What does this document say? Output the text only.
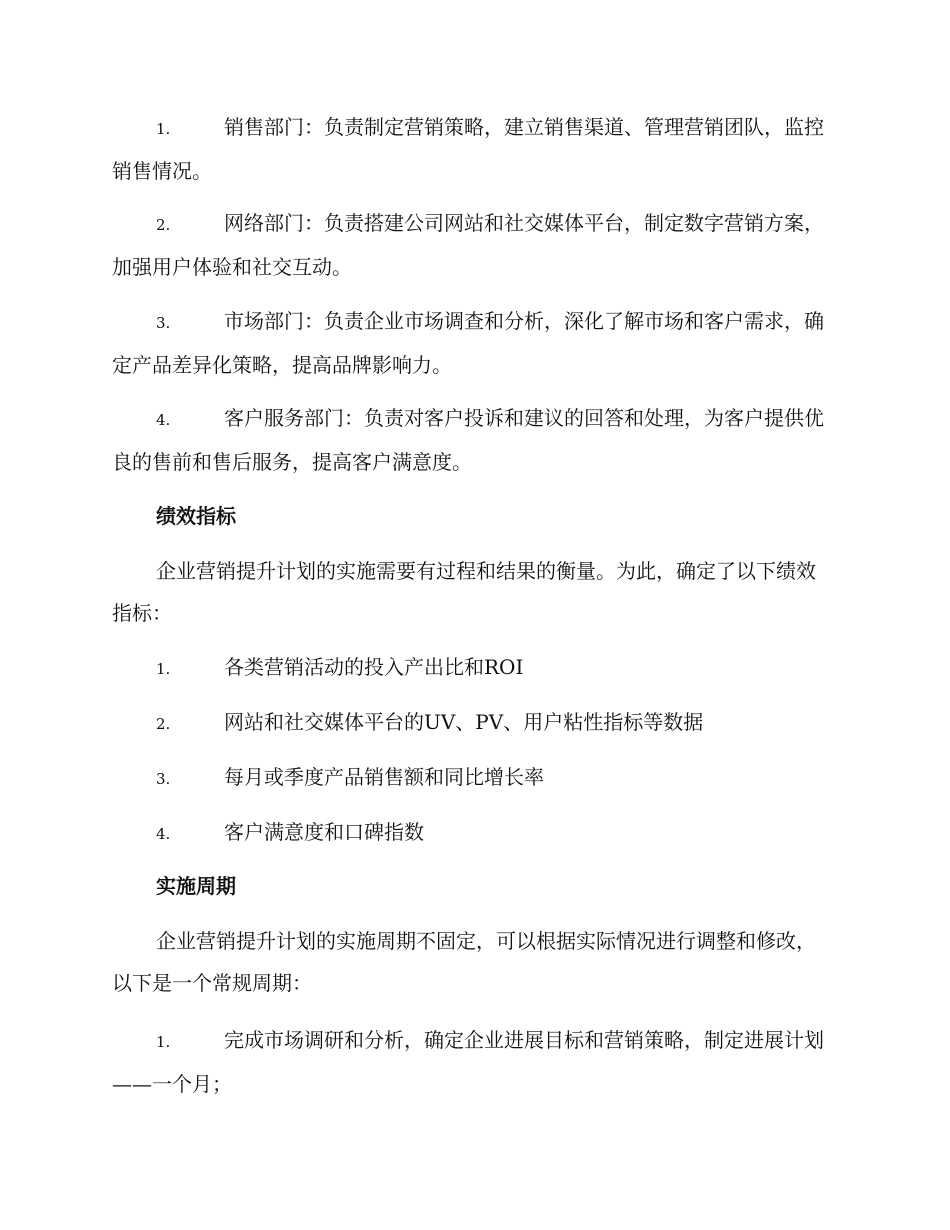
1.	销售部门：负责制定营销策略，建立销售渠道、管理营销团队，监控销售情况。

2.	网络部门：负责搭建公司网站和社交媒体平台，制定数字营销方案，加强用户体验和社交互动。

3.	市场部门：负责企业市场调查和分析，深化了解市场和客户需求，确定产品差异化策略，提高品牌影响力。

4.	客户服务部门：负责对客户投诉和建议的回答和处理，为客户提供优良的售前和售后服务，提高客户满意度。

绩效指标

企业营销提升计划的实施需要有过程和结果的衡量。为此，确定了以下绩效指标：

1.	各类营销活动的投入产出比和ROI

2.	网站和社交媒体平台的UV、PV、用户粘性指标等数据

3.	每月或季度产品销售额和同比增长率

4.	客户满意度和口碑指数

实施周期

企业营销提升计划的实施周期不固定，可以根据实际情况进行调整和修改，以下是一个常规周期：

1.	完成市场调研和分析，确定企业进展目标和营销策略，制定进展计划——一个月；
